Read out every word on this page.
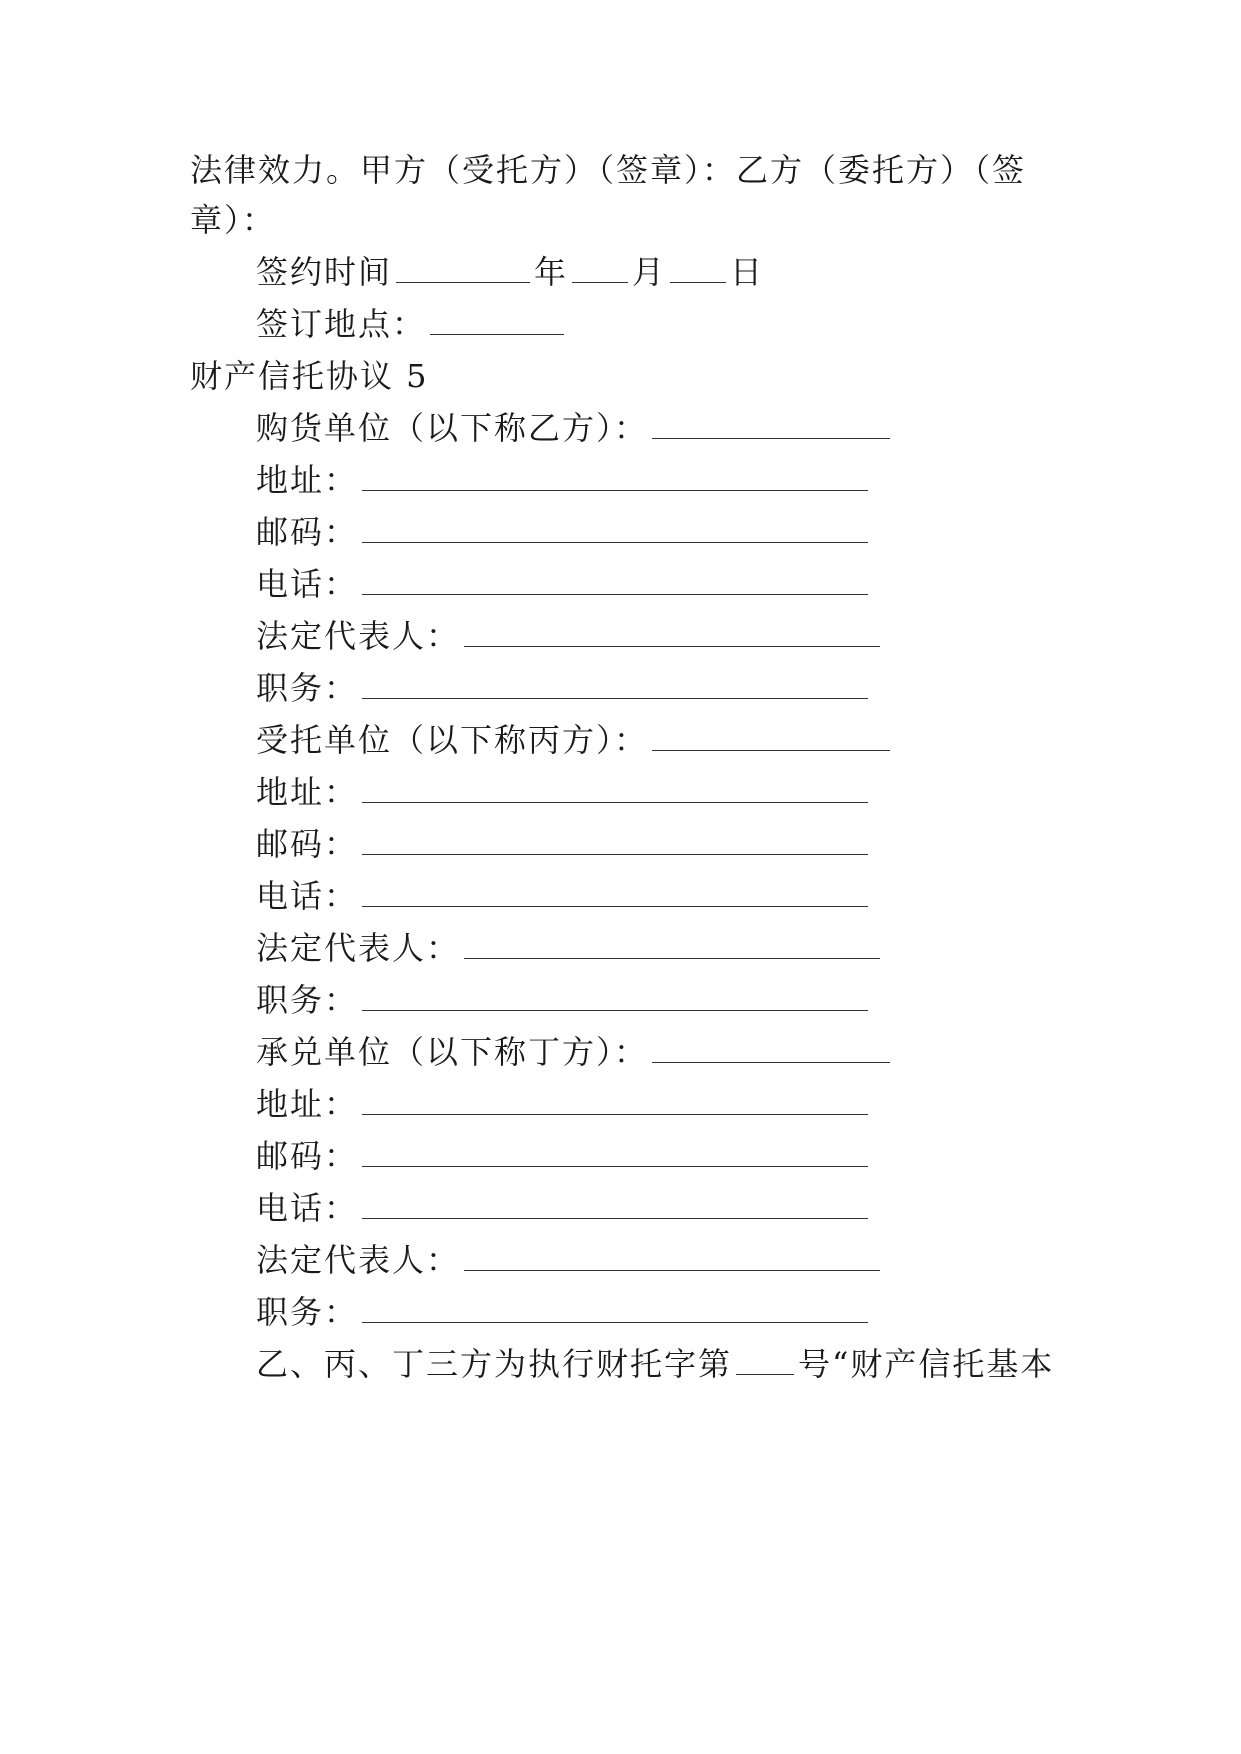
法律效力。甲方（受托方）（签章）：乙方（委托方）（签
章）：
签约时间	年 月 日
签订地点：
财产信托协议 5
购货单位（以下称乙方）：
地址：
邮码：
电话：
法定代表人：
职务：
受托单位（以下称丙方）：
地址：
邮码：
电话：
法定代表人：
职务：
承兑单位（以下称丁方）：
地址：
邮码：
电话：
法定代表人：
职务：
乙、丙、丁三方为执行财托字第 号“财产信托基本
